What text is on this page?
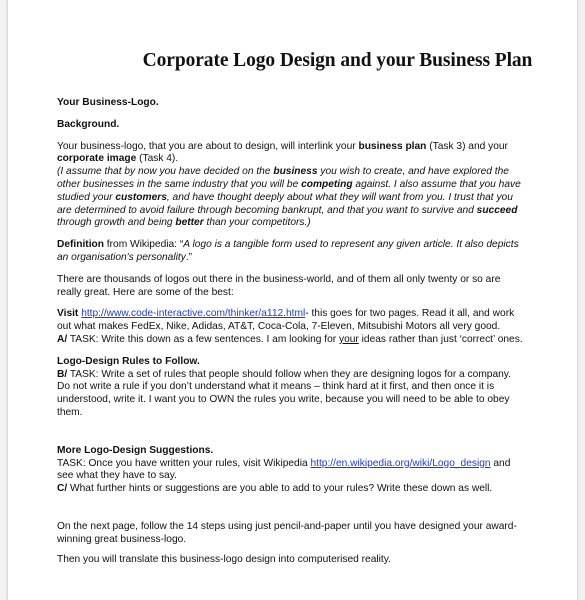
Corporate Logo Design and your Business Plan

Your Business-Logo.

Background.

Your business-logo, that you are about to design, will interlink your business plan (Task 3) and your
corporate image (Task 4).

(I assume that by now you have decided on the business you wish to create, and have explored the
other businesses in the same industry that you will be competing against. I also assume that you have
studied your customers, and have thought deeply about what they will want from you. I trust that you
are determined to avoid failure through becoming bankrupt, and that you want to survive and succeed
through growth and being better than your competitors.)

Definition from Wikipedia: “A logo is a tangible form used to represent any given article. It also depicts
an organisation's personality.”

There are thousands of logos out there in the business-world, and of them all only twenty or so are
really great. Here are some of the best:

Visit http://www.code-interactive.com/thinker/a112.html- this goes for two pages. Read it all, and work
out what makes FedEx, Nike, Adidas, AT&T, Coca-Cola, 7-Eleven, Mitsubishi Motors all very good.
A/ TASK: Write this down as a few sentences. I am looking for your ideas rather than just ‘correct’ ones.

Logo-Design Rules to Follow.

B/ TASK: Write a set of rules that people should follow when they are designing logos for a company.
Do not write a rule if you don’t understand what it means – think hard at it first, and then once it is
understood, write it. I want you to OWN the rules you write, because you will need to be able to obey
them.

More Logo-Design Suggestions.

TASK: Once you have written your rules, visit Wikipedia http://en.wikipedia.org/wiki/Logo_design and
see what they have to say.
C/ What further hints or suggestions are you able to add to your rules? Write these down as well.

On the next page, follow the 14 steps using just pencil-and-paper until you have designed your award-
winning great business-logo.

Then you will translate this business-logo design into computerised reality.
